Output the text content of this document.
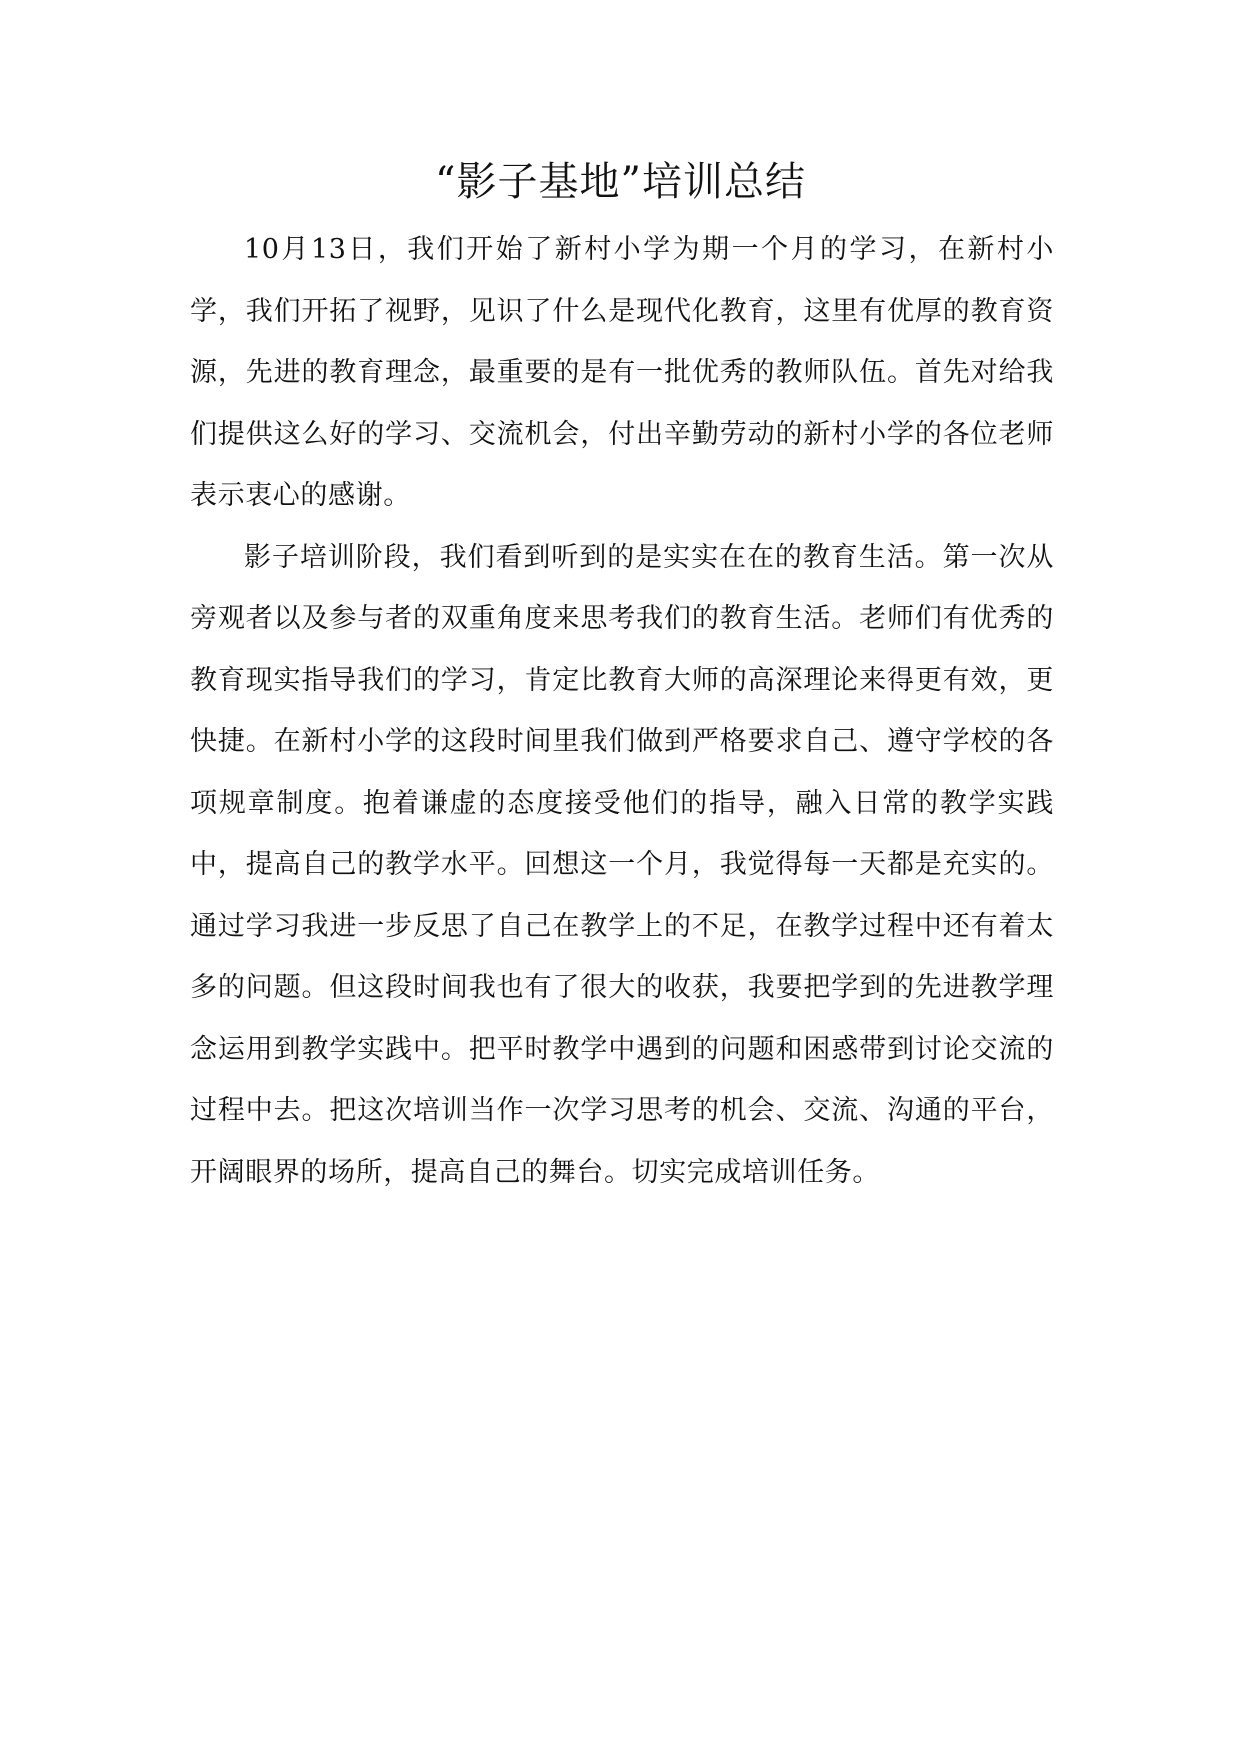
“影子基地”培训总结

10月13日，我们开始了新村小学为期一个月的学习，在新村小学，我们开拓了视野，见识了什么是现代化教育，这里有优厚的教育资源，先进的教育理念，最重要的是有一批优秀的教师队伍。首先对给我们提供这么好的学习、交流机会，付出辛勤劳动的新村小学的各位老师表示衷心的感谢。

影子培训阶段，我们看到听到的是实实在在的教育生活。第一次从旁观者以及参与者的双重角度来思考我们的教育生活。老师们有优秀的教育现实指导我们的学习，肯定比教育大师的高深理论来得更有效，更快捷。在新村小学的这段时间里我们做到严格要求自己、遵守学校的各项规章制度。抱着谦虚的态度接受他们的指导，融入日常的教学实践中，提高自己的教学水平。回想这一个月，我觉得每一天都是充实的。通过学习我进一步反思了自己在教学上的不足，在教学过程中还有着太多的问题。但这段时间我也有了很大的收获，我要把学到的先进教学理念运用到教学实践中。把平时教学中遇到的问题和困惑带到讨论交流的过程中去。把这次培训当作一次学习思考的机会、交流、沟通的平台，开阔眼界的场所，提高自己的舞台。切实完成培训任务。
